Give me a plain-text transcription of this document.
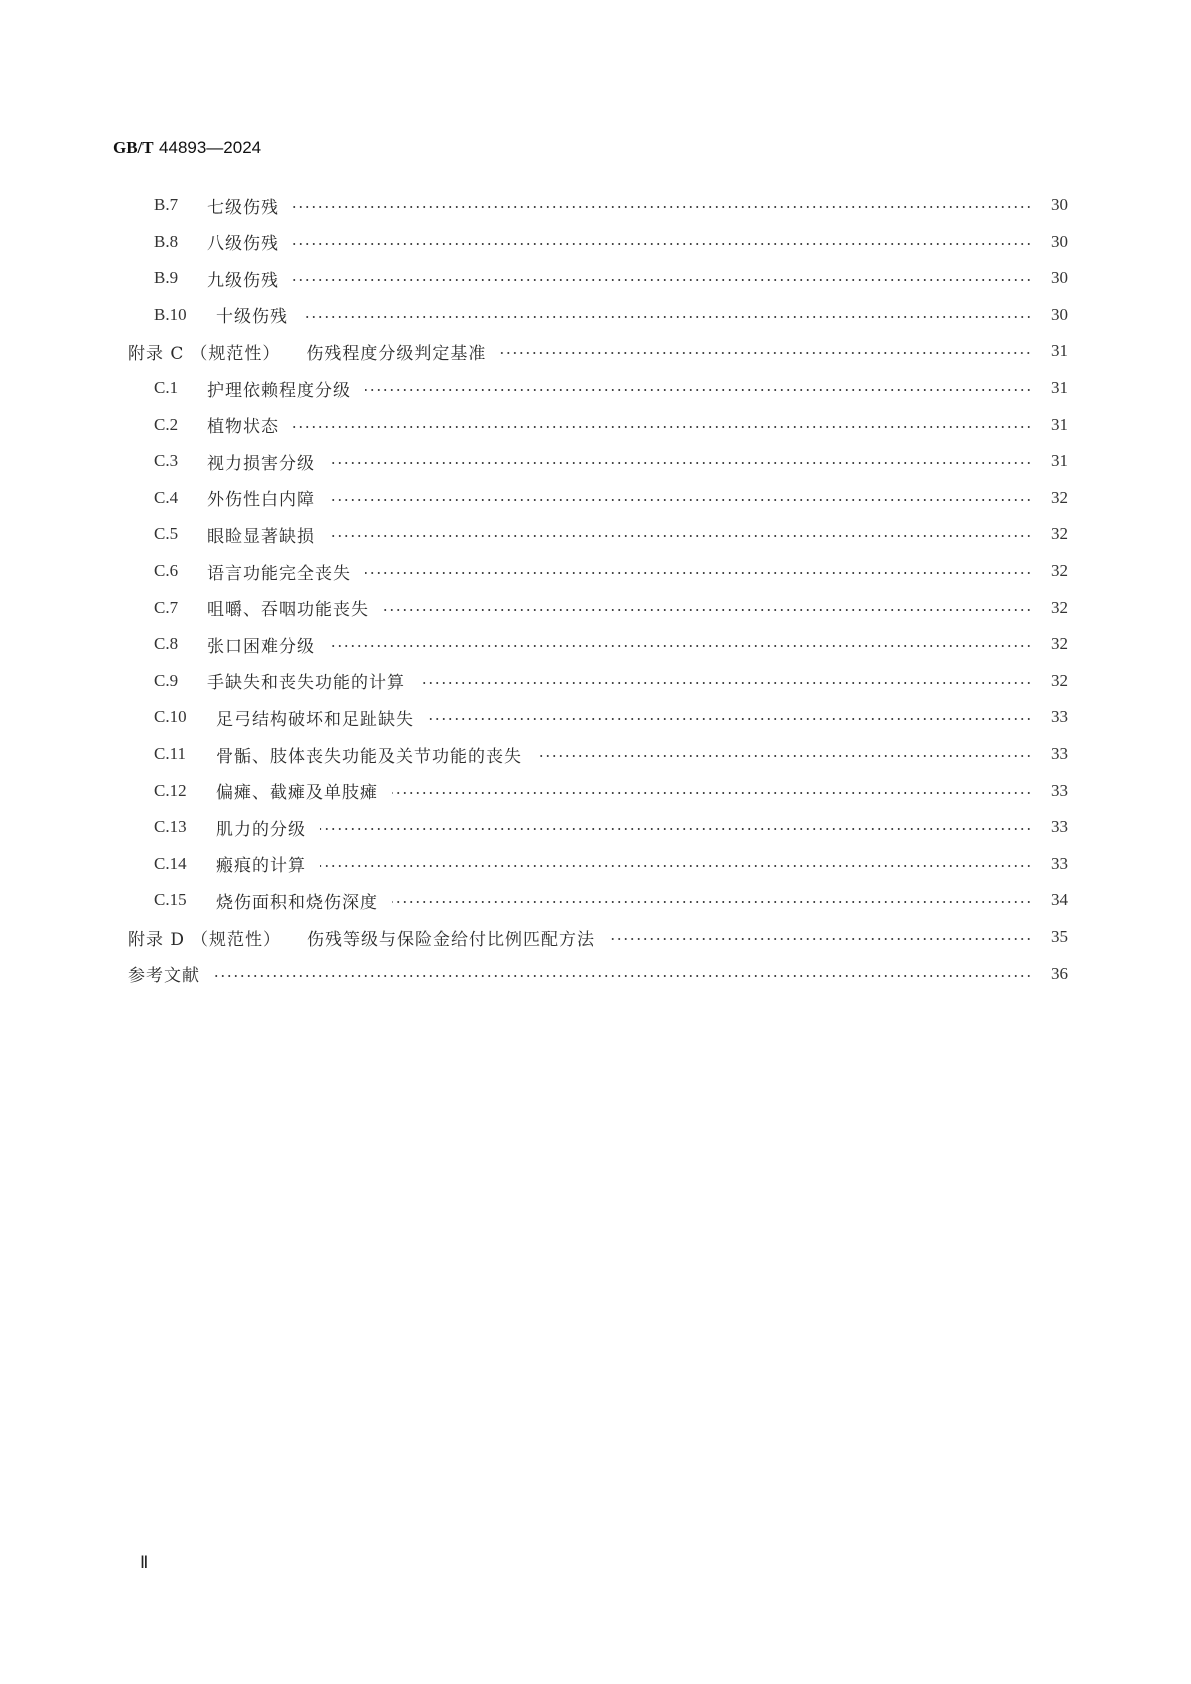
GB/T 44893—2024
B.7	七级伤残	30
B.8	八级伤残	30
B.9	九级伤残	30
B.10	十级伤残	30
附录 C （规范性） 伤残程度分级判定基准	31
C.1	护理依赖程度分级	31
C.2	植物状态	31
C.3	视力损害分级	31
C.4	外伤性白内障	32
C.5	眼睑显著缺损	32
C.6	语言功能完全丧失	32
C.7	咀嚼、吞咽功能丧失	32
C.8	张口困难分级	32
C.9	手缺失和丧失功能的计算	32
C.10	足弓结构破坏和足趾缺失	33
C.11	骨骺、肢体丧失功能及关节功能的丧失	33
C.12	偏瘫、截瘫及单肢瘫	33
C.13	肌力的分级	33
C.14	瘢痕的计算	33
C.15	烧伤面积和烧伤深度	34
附录 D （规范性） 伤残等级与保险金给付比例匹配方法	35
参考文献	36
Ⅱ
